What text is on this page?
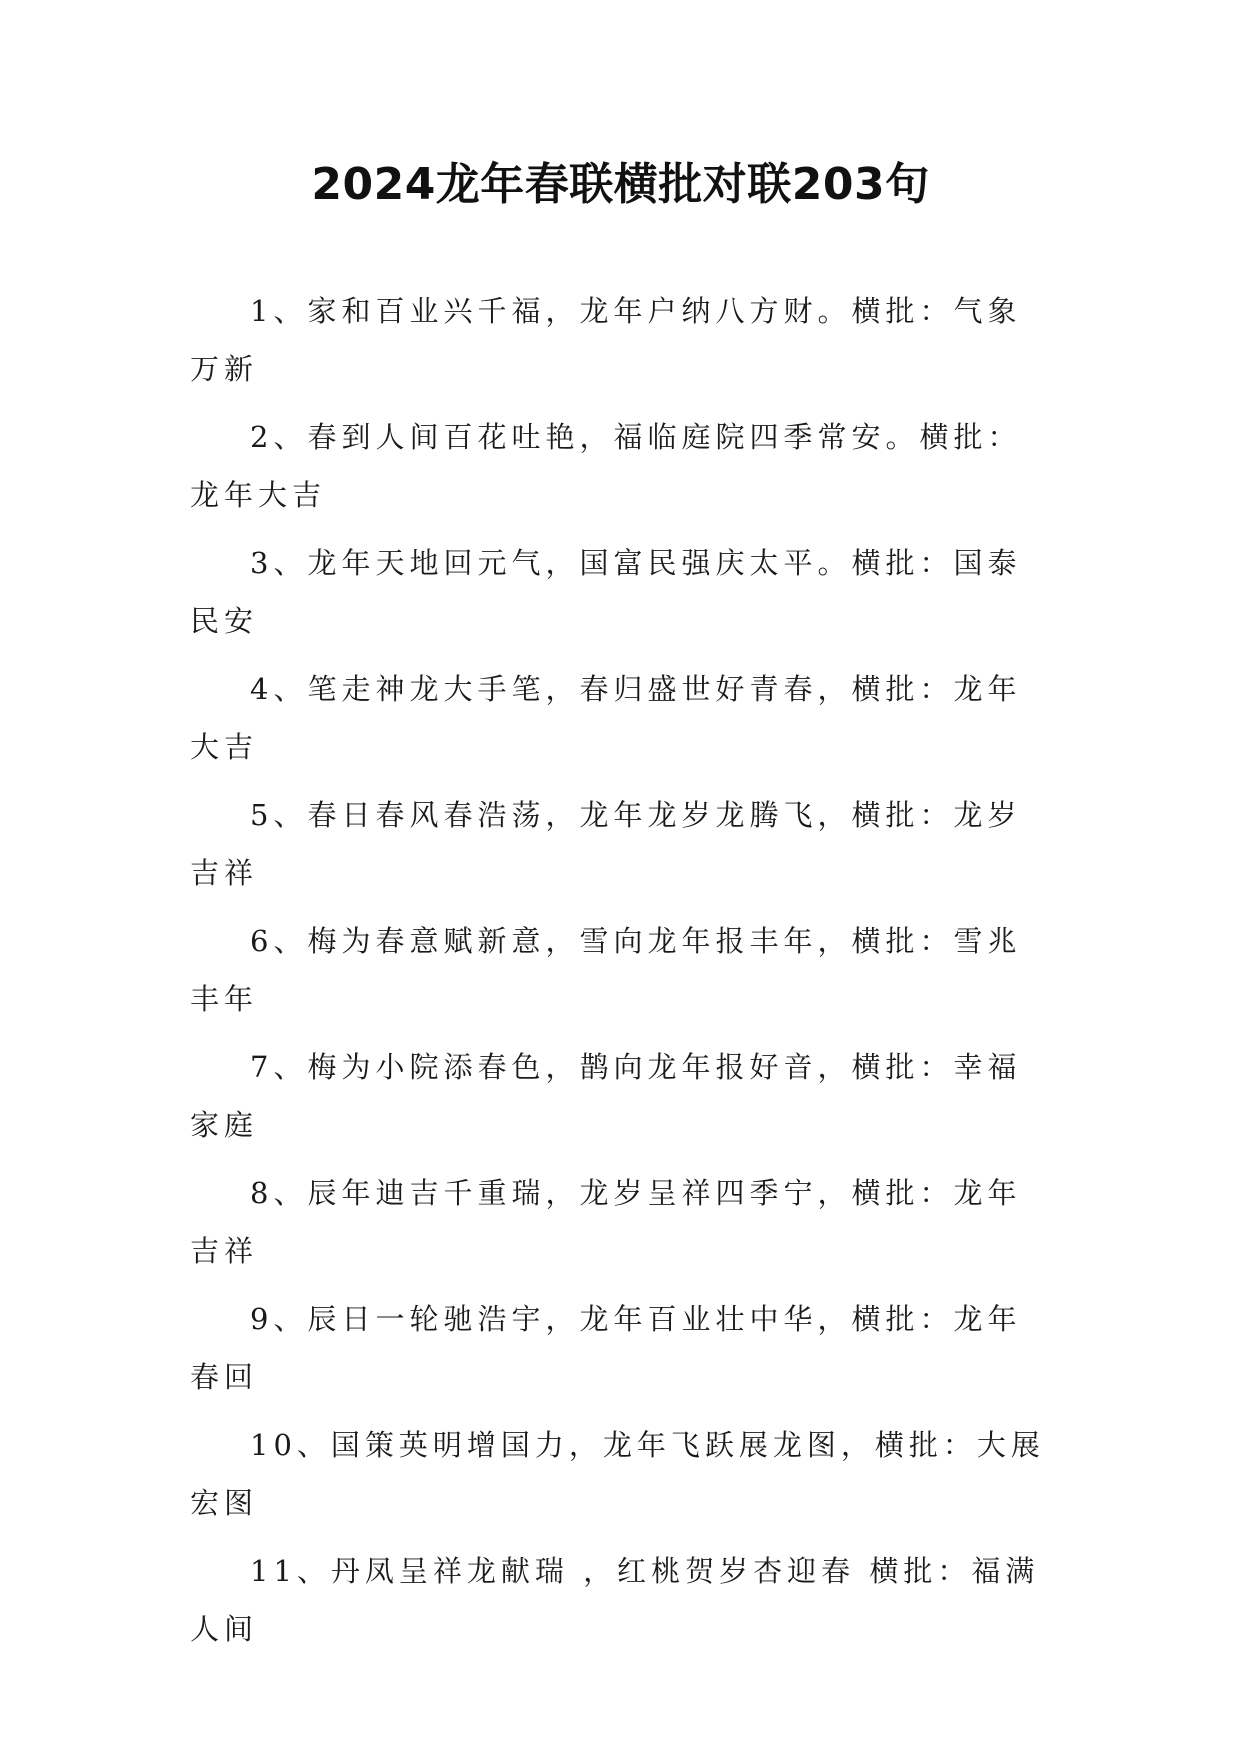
2024龙年春联横批对联203句

1、家和百业兴千福，龙年户纳八方财。横批：气象万新

2、春到人间百花吐艳，福临庭院四季常安。横批：龙年大吉

3、龙年天地回元气，国富民强庆太平。横批：国泰民安

4、笔走神龙大手笔，春归盛世好青春，横批：龙年大吉

5、春日春风春浩荡，龙年龙岁龙腾飞，横批：龙岁吉祥

6、梅为春意赋新意，雪向龙年报丰年，横批：雪兆丰年

7、梅为小院添春色，鹊向龙年报好音，横批：幸福家庭

8、辰年迪吉千重瑞，龙岁呈祥四季宁，横批：龙年吉祥

9、辰日一轮驰浩宇，龙年百业壮中华，横批：龙年春回

10、国策英明增国力，龙年飞跃展龙图，横批：大展宏图

11、丹凤呈祥龙献瑞 ，红桃贺岁杏迎春 横批：福满人间
